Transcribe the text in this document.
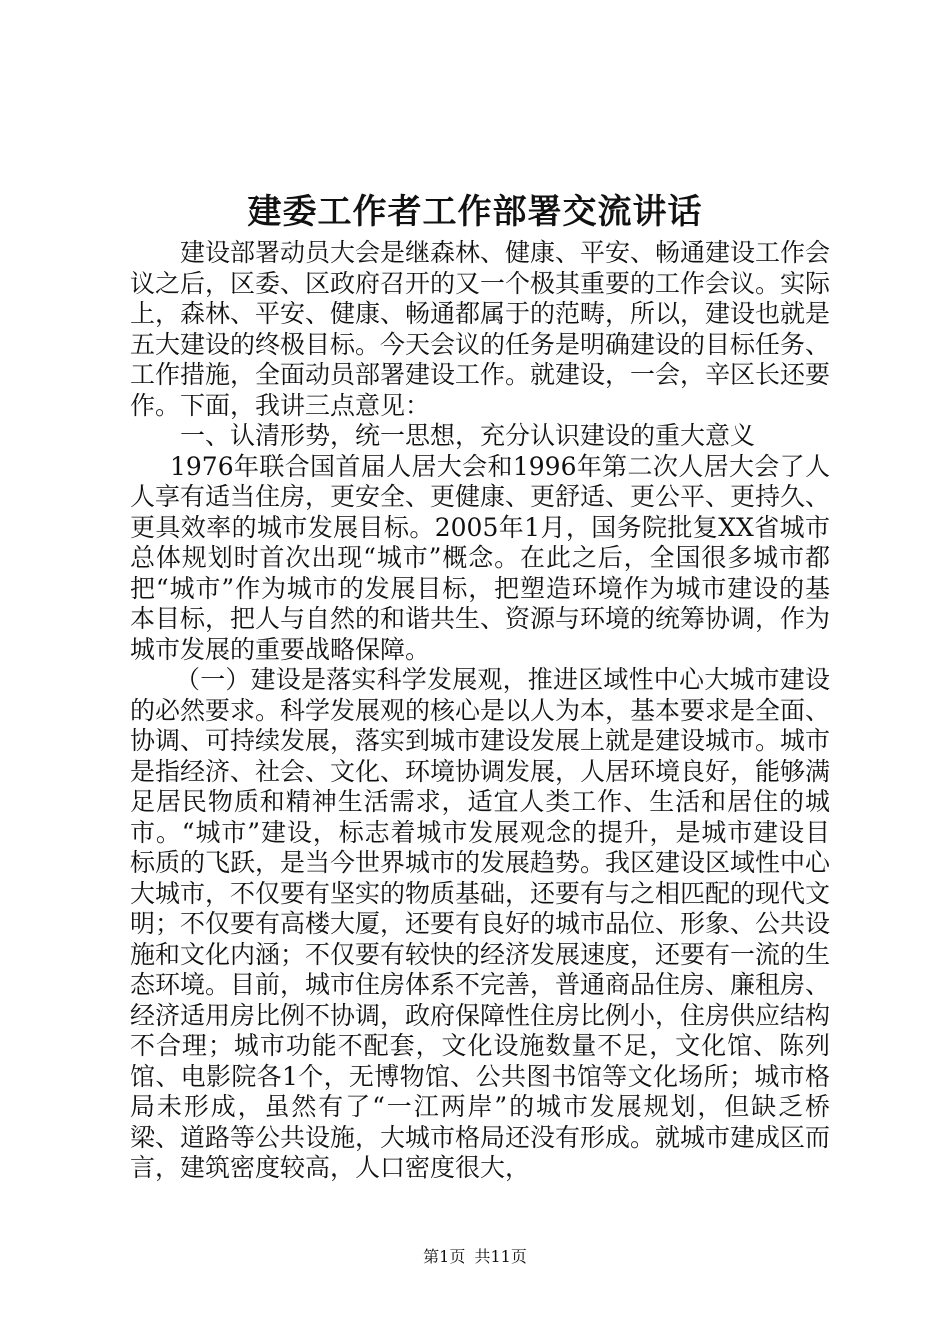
建委工作者工作部署交流讲话

建设部署动员大会是继森林、健康、平安、畅通建设工作会议之后，区委、区政府召开的又一个极其重要的工作会议。实际上，森林、平安、健康、畅通都属于的范畴，所以，建设也就是五大建设的终极目标。今天会议的任务是明确建设的目标任务、工作措施，全面动员部署建设工作。就建设，一会，辛区长还要作。下面，我讲三点意见：

一、认清形势，统一思想，充分认识建设的重大意义

1976年联合国首届人居大会和1996年第二次人居大会了人人享有适当住房，更安全、更健康、更舒适、更公平、更持久、更具效率的城市发展目标。2005年1月，国务院批复XX省城市总体规划时首次出现“城市”概念。在此之后，全国很多城市都把“城市”作为城市的发展目标，把塑造环境作为城市建设的基本目标，把人与自然的和谐共生、资源与环境的统筹协调，作为城市发展的重要战略保障。

（一）建设是落实科学发展观，推进区域性中心大城市建设的必然要求。科学发展观的核心是以人为本，基本要求是全面、协调、可持续发展，落实到城市建设发展上就是建设城市。城市是指经济、社会、文化、环境协调发展，人居环境良好，能够满足居民物质和精神生活需求，适宜人类工作、生活和居住的城市。“城市”建设，标志着城市发展观念的提升，是城市建设目标质的飞跃，是当今世界城市的发展趋势。我区建设区域性中心大城市，不仅要有坚实的物质基础，还要有与之相匹配的现代文明；不仅要有高楼大厦，还要有良好的城市品位、形象、公共设施和文化内涵；不仅要有较快的经济发展速度，还要有一流的生态环境。目前，城市住房体系不完善，普通商品住房、廉租房、经济适用房比例不协调，政府保障性住房比例小，住房供应结构不合理；城市功能不配套，文化设施数量不足，文化馆、陈列馆、电影院各1个，无博物馆、公共图书馆等文化场所；城市格局未形成，虽然有了“一江两岸”的城市发展规划，但缺乏桥梁、道路等公共设施，大城市格局还没有形成。就城市建成区而言，建筑密度较高，人口密度很大，

第1页 共11页
